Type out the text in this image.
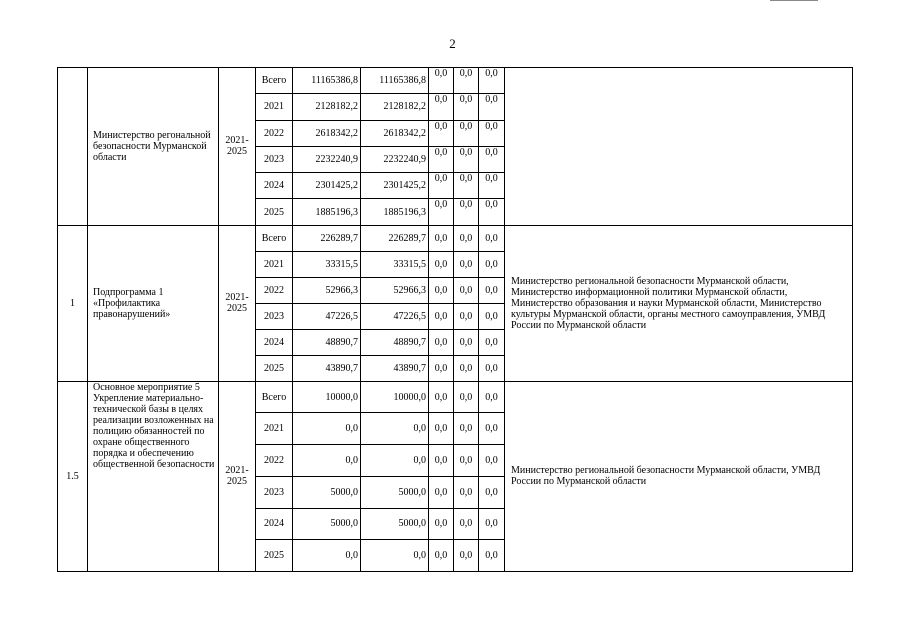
2
	Министерство регональной безопасности Мурманской области	2021-2025	Всего	11165386,8	11165386,8	0,0	0,0	0,0	
			2021	2128182,2	2128182,2	0,0	0,0	0,0	
			2022	2618342,2	2618342,2	0,0	0,0	0,0	
			2023	2232240,9	2232240,9	0,0	0,0	0,0	
			2024	2301425,2	2301425,2	0,0	0,0	0,0	
			2025	1885196,3	1885196,3	0,0	0,0	0,0	
1	Подпрограмма 1 «Профилактика правонарушений»	2021-2025	Всего	226289,7	226289,7	0,0	0,0	0,0	Министерство региональной безопасности Мурманской области, Министерство информационной политики Мурманской области, Министерство образования и науки Мурманской области, Министерство культуры Мурманской области, органы местного самоуправления, УМВД России по Мурманской области
			2021	33315,5	33315,5	0,0	0,0	0,0	
			2022	52966,3	52966,3	0,0	0,0	0,0	
			2023	47226,5	47226,5	0,0	0,0	0,0	
			2024	48890,7	48890,7	0,0	0,0	0,0	
			2025	43890,7	43890,7	0,0	0,0	0,0	
1.5	Основное мероприятие 5 Укрепление материально-технической базы в целях реализации возложенных на полицию обязанностей по охране общественного порядка и обеспечению общественной безопасности	2021-2025	Всего	10000,0	10000,0	0,0	0,0	0,0	Министерство региональной безопасности Мурманской области, УМВД России по Мурманской области
			2021	0,0	0,0	0,0	0,0	0,0	
			2022	0,0	0,0	0,0	0,0	0,0	
			2023	5000,0	5000,0	0,0	0,0	0,0	
			2024	5000,0	5000,0	0,0	0,0	0,0	
			2025	0,0	0,0	0,0	0,0	0,0	
